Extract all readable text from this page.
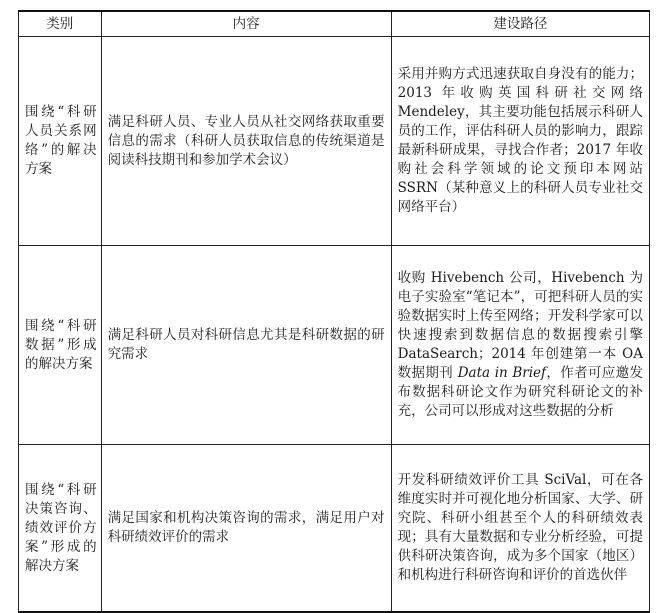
类别	内容	建设路径
围绕“科研人员关系网络”的解决方案	满足科研人员、专业人员从社交网络获取重要信息的需求（科研人员获取信息的传统渠道是阅读科技期刊和参加学术会议）	采用并购方式迅速获取自身没有的能力；2013 年收购英国科研社交网络 Mendeley，其主要功能包括展示科研人员的工作，评估科研人员的影响力，跟踪最新科研成果，寻找合作者；2017 年收购社会科学领域的论文预印本网站 SSRN（某种意义上的科研人员专业社交网络平台）
围绕“科研数据”形成的解决方案	满足科研人员对科研信息尤其是科研数据的研究需求	收购 Hivebench 公司，Hivebench 为电子实验室“笔记本”，可把科研人员的实验数据实时上传至网络；开发科学家可以快速搜索到数据信息的数据搜索引擎 DataSearch；2014 年创建第一本 OA 数据期刊 Data in Brief，作者可应邀发布数据科研论文作为研究科研论文的补充，公司可以形成对这些数据的分析
围绕“科研决策咨询、绩效评价方案”形成的解决方案	满足国家和机构决策咨询的需求，满足用户对科研绩效评价的需求	开发科研绩效评价工具 SciVal，可在各维度实时并可视化地分析国家、大学、研究院、科研小组甚至个人的科研绩效表现；具有大量数据和专业分析经验，可提供科研决策咨询，成为多个国家（地区）和机构进行科研咨询和评价的首选伙伴
